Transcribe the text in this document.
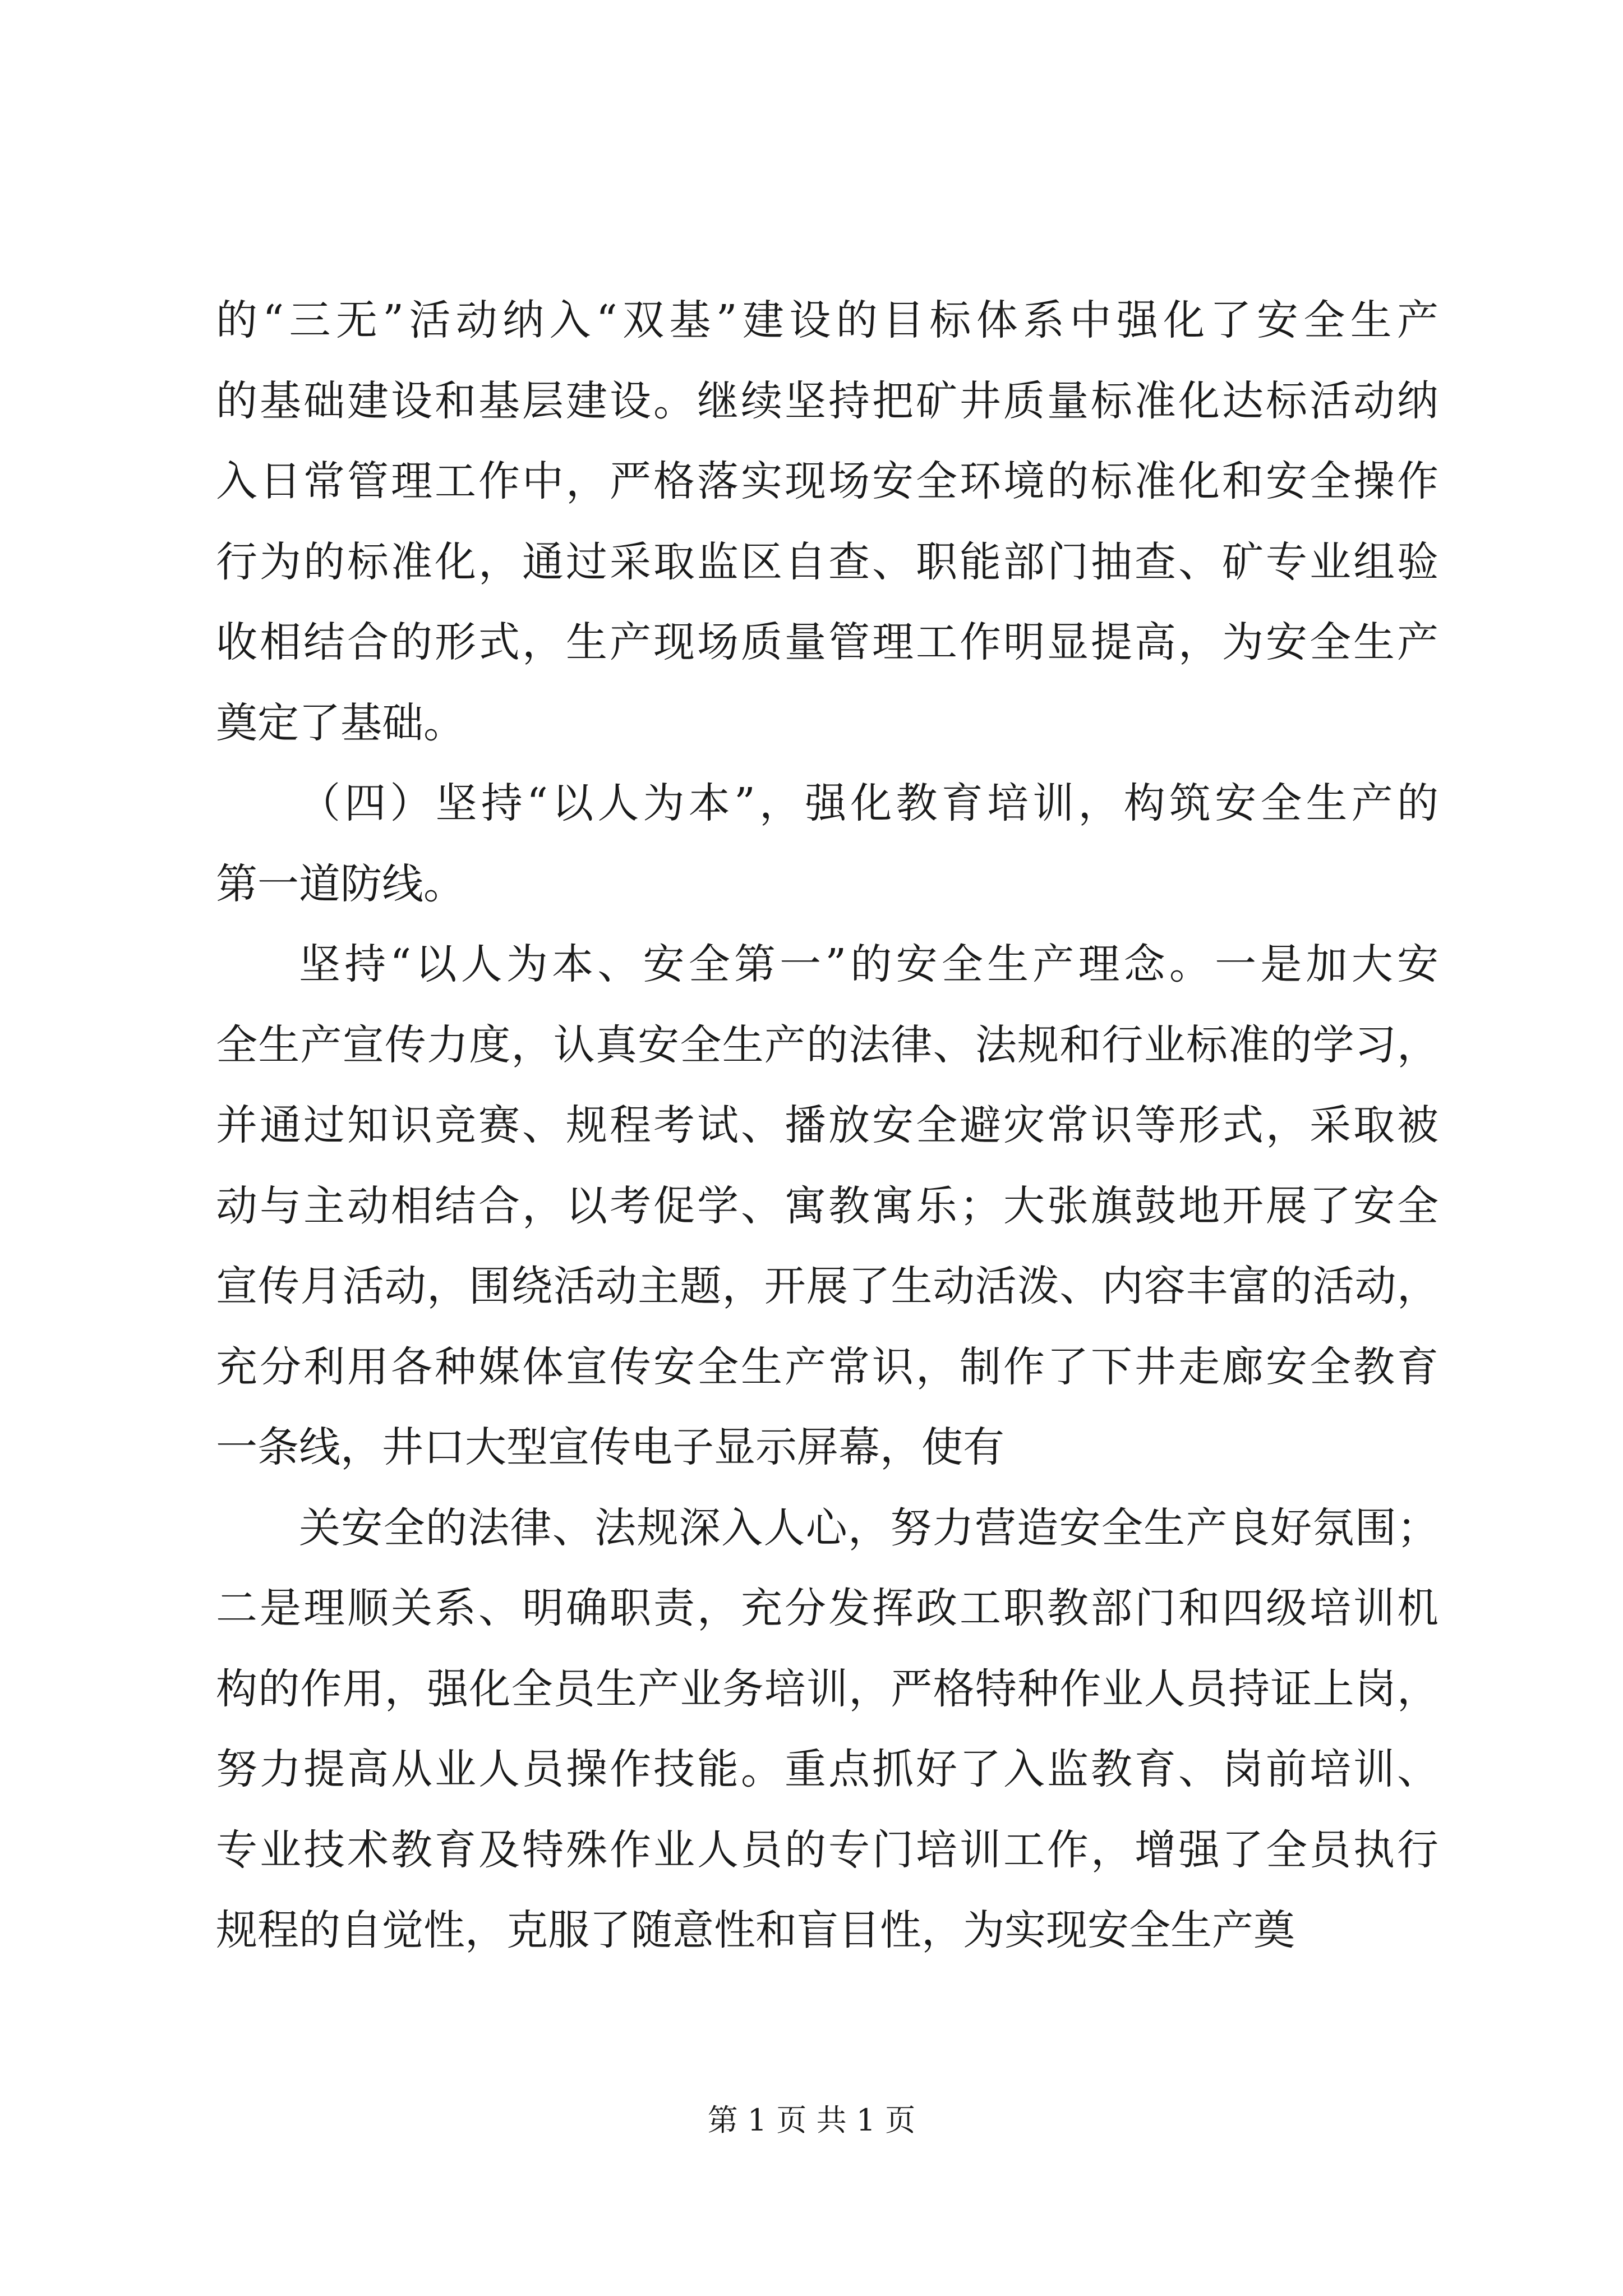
的“三无”活动纳入“双基”建设的目标体系中强化了安全生产
的基础建设和基层建设。继续坚持把矿井质量标准化达标活动纳
入日常管理工作中，严格落实现场安全环境的标准化和安全操作
行为的标准化，通过采取监区自查、职能部门抽查、矿专业组验
收相结合的形式，生产现场质量管理工作明显提高，为安全生产
奠定了基础。
（四）坚持“以人为本”，强化教育培训，构筑安全生产的
第一道防线。
坚持“以人为本、安全第一”的安全生产理念。一是加大安
全生产宣传力度，认真安全生产的法律、法规和行业标准的学习，
并通过知识竞赛、规程考试、播放安全避灾常识等形式，采取被
动与主动相结合，以考促学、寓教寓乐；大张旗鼓地开展了安全
宣传月活动，围绕活动主题，开展了生动活泼、内容丰富的活动，
充分利用各种媒体宣传安全生产常识，制作了下井走廊安全教育
一条线，井口大型宣传电子显示屏幕，使有
关安全的法律、法规深入人心，努力营造安全生产良好氛围；
二是理顺关系、明确职责，充分发挥政工职教部门和四级培训机
构的作用，强化全员生产业务培训，严格特种作业人员持证上岗，
努力提高从业人员操作技能。重点抓好了入监教育、岗前培训、
专业技术教育及特殊作业人员的专门培训工作，增强了全员执行
规程的自觉性，克服了随意性和盲目性，为实现安全生产奠
第 1 页 共 1 页
